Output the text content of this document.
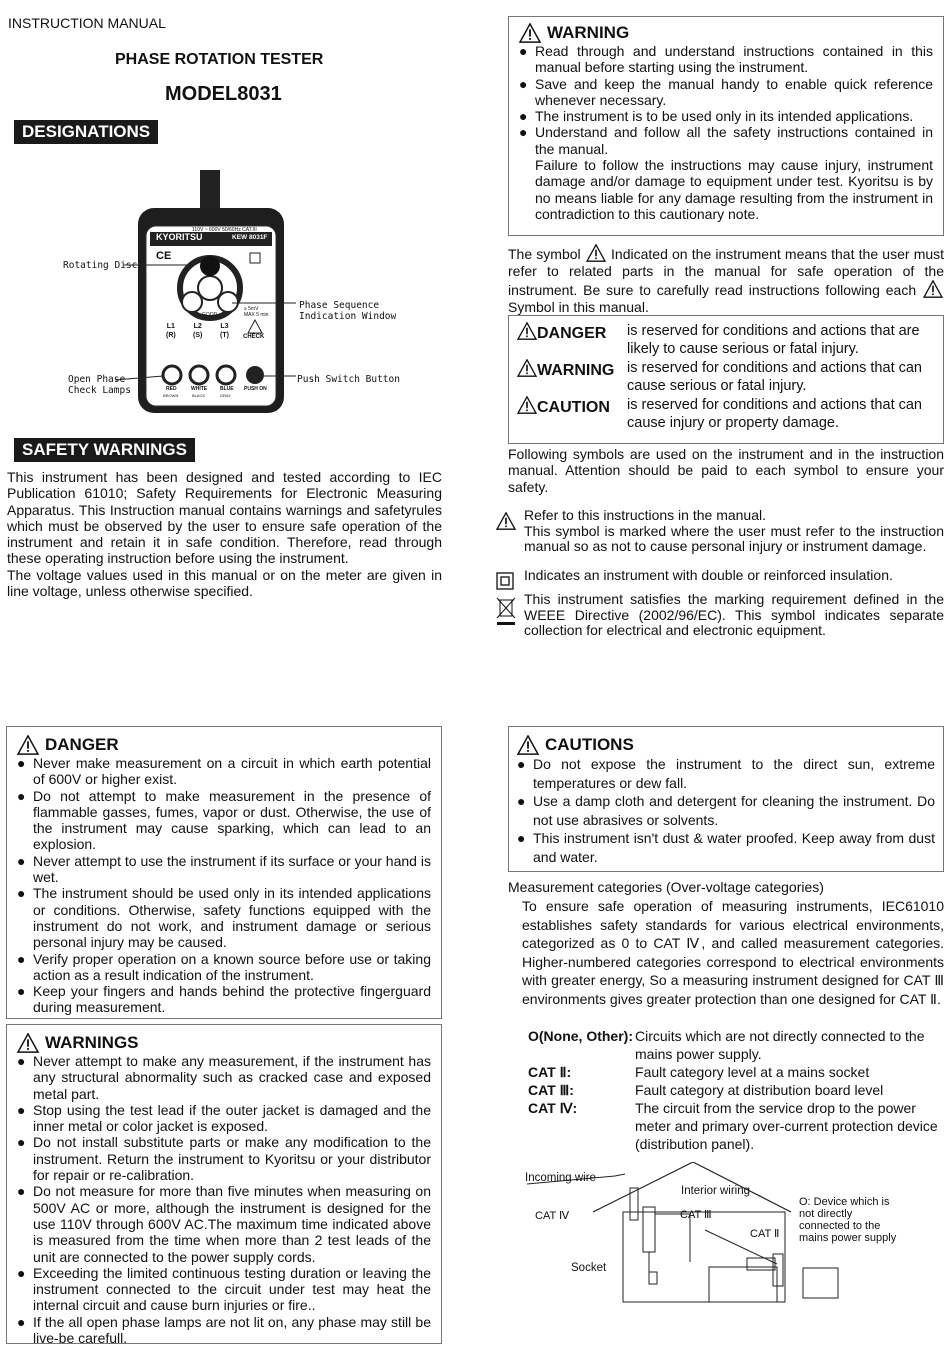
INSTRUCTION MANUAL
PHASE ROTATION TESTER
MODEL8031
DESIGNATIONS
KYORITSU	KEW 8031F
110V ~ 600V 50/60Hz CAT.III
CE
GOOD
≥ 5mV
MAX 5 min
CHECK
L1
(R)
L2
(S)
L3
(T)
RED	WHITE	BLUE
BROWN	BLACK	GRAY
PUSH ON
Rotating Disc
Phase Sequence
Indication Window
Open Phase
Check Lamps
Push Switch Button
SAFETY WARNINGS
This instrument has been designed and tested according to IEC Publication 61010; Safety Requirements for Electronic Measuring Apparatus. This Instruction manual contains warnings and safetyrules which must be observed by the user to ensure safe operation of the instrument and retain it in safe condition. Therefore, read through these operating instruction before using the instrument.
The voltage values used in this manual or on the meter are given in line voltage, unless otherwise specified.
WARNING
● Read through and understand instructions contained in this manual before starting using the instrument.
● Save and keep the manual handy to enable quick reference whenever necessary.
● The instrument is to be used only in its intended applications.
● Understand and follow all the safety instructions contained in the manual.
Failure to follow the instructions may cause injury, instrument damage and/or damage to equipment under test. Kyoritsu is by no means liable for any damage resulting from the instrument in contradiction to this cautionary note.
The symbol Indicated on the instrument means that the user must refer to related parts in the manual for safe operation of the instrument. Be sure to carefully read instructions following each  Symbol in this manual.
DANGER	is reserved for conditions and actions that are likely to cause serious or fatal injury.
WARNING	is reserved for conditions and actions that can cause serious or fatal injury.
CAUTION	is reserved for conditions and actions that can cause injury or property damage.
Following symbols are used on the instrument and in the instruction manual. Attention should be paid to each symbol to ensure your safety.
Refer to this instructions in the manual.
This symbol is marked where the user must refer to the instruction manual so as not to cause personal injury or instrument damage.
Indicates an instrument with double or reinforced insulation.
This instrument satisfies the marking requirement defined in the WEEE Directive (2002/96/EC). This symbol indicates separate collection for electrical and electronic equipment.
DANGER
● Never make measurement on a circuit in which earth potential of 600V or higher exist.
● Do not attempt to make measurement in the presence of flammable gasses, fumes, vapor or dust. Otherwise, the use of the instrument may cause sparking, which can lead to an explosion.
● Never attempt to use the instrument if its surface or your hand is wet.
● The instrument should be used only in its intended applications or conditions. Otherwise, safety functions equipped with the instrument do not work, and instrument damage or serious personal injury may be caused.
● Verify proper operation on a known source before use or taking action as a result indication of the instrument.
● Keep your fingers and hands behind the protective fingerguard during measurement.
WARNINGS
● Never attempt to make any measurement, if the instrument has any structural abnormality such as cracked case and exposed metal part.
● Stop using the test lead if the outer jacket is damaged and the inner metal or color jacket is exposed.
● Do not install substitute parts or make any modification to the instrument. Return the instrument to Kyoritsu or your distributor for repair or re-calibration.
● Do not measure for more than five minutes when measuring on 500V AC or more, although the instrument is designed for the use 110V through 600V AC.The maximum time indicated above is measured from the time when more than 2 test leads of the unit are connected to the power supply cords.
● Exceeding the limited continuous testing duration or leaving the instrument connected to the circuit under test may heat the internal circuit and cause burn injuries or fire..
● If the all open phase lamps are not lit on, any phase may still be live-be carefull.
CAUTIONS
● Do not expose the instrument to the direct sun, extreme temperatures or dew fall.
● Use a damp cloth and detergent for cleaning the instrument. Do not use abrasives or solvents.
● This instrument isn't dust & water proofed. Keep away from dust and water.
Measurement categories (Over-voltage categories)
To ensure safe operation of measuring instruments, IEC61010 establishes safety standards for various electrical environments, categorized as 0 to CAT Ⅳ, and called measurement categories. Higher-numbered categories correspond to electrical environments with greater energy, So a measuring instrument designed for CAT Ⅲ environments gives greater protection than one designed for CAT Ⅱ.
O(None, Other):	Circuits which are not directly connected to the mains power supply.
CAT Ⅱ:	Fault category level at a mains socket
CAT Ⅲ:	Fault category at distribution board level
CAT Ⅳ:	The circuit from the service drop to the power meter and primary over-current protection device (distribution panel).
Incoming wire
Interior wiring
CAT Ⅳ	CAT Ⅲ
CAT Ⅱ
Socket
O: Device which is
not directly
connected to the
mains power supply
